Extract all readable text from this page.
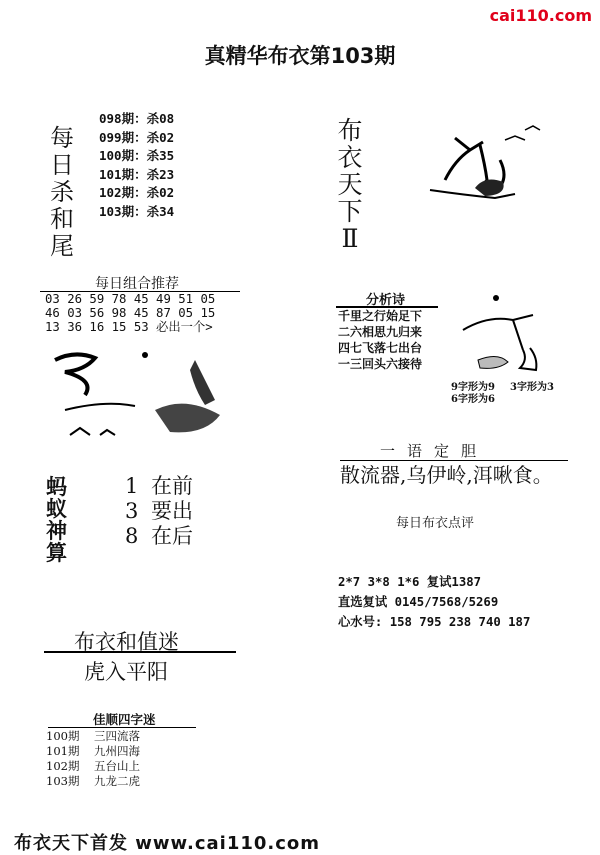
cai110.com
真精华布衣第103期
每
日
杀
和
尾
098期：杀08
099期：杀02
100期：杀35
101期：杀23
102期：杀02
103期：杀34
布
衣
天
下
Ⅱ
每日组合推荐
03 26 59 78 45 49 51 05
46 03 56 98 45 87 05 15
13 36 16 15 53 必出一个>
分析诗
千里之行始足下
二六相思九归来
四七飞落七出台
一三回头六接待
9字形为9 3字形为3
6字形为6
一语定胆
散流器,乌伊岭,洱啾食。
蚂
蚁
神
算
1 在前
3 要出
8 在后
每日布衣点评
2*7 3*8 1*6 复试1387
直选复试 0145/7568/5269
心水号: 158 795 238 740 187
布衣和值迷
虎入平阳
佳顺四字迷
100期 三四流落
101期 九州四海
102期 五台山上
103期 九龙二虎
布衣天下首发 www.cai110.com
